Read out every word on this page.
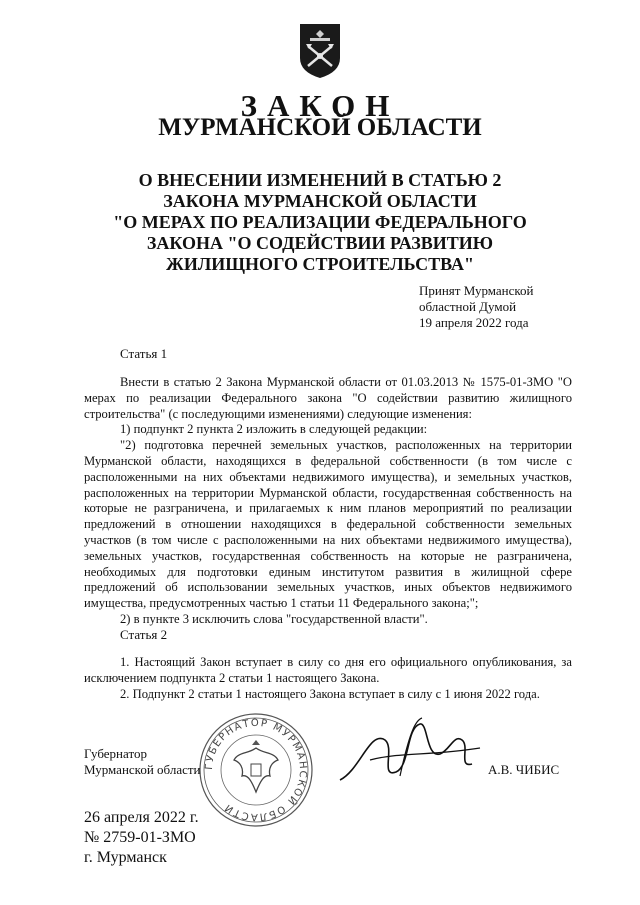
ЗАКОН
МУРМАНСКОЙ ОБЛАСТИ
О ВНЕСЕНИИ ИЗМЕНЕНИЙ В СТАТЬЮ 2
ЗАКОНА МУРМАНСКОЙ ОБЛАСТИ
"О МЕРАХ ПО РЕАЛИЗАЦИИ ФЕДЕРАЛЬНОГО
ЗАКОНА "О СОДЕЙСТВИИ РАЗВИТИЮ
ЖИЛИЩНОГО СТРОИТЕЛЬСТВА"
Принят Мурманской
областной Думой
19 апреля 2022 года
Статья 1
Внести в статью 2 Закона Мурманской области от 01.03.2013 № 1575-01-ЗМО "О мерах по реализации Федерального закона "О содействии развитию жилищного строительства" (с последующими изменениями) следующие изменения:
1) подпункт 2 пункта 2 изложить в следующей редакции:
"2) подготовка перечней земельных участков, расположенных на территории Мурманской области, находящихся в федеральной собственности (в том числе с расположенными на них объектами недвижимого имущества), и земельных участков, расположенных на территории Мурманской области, государственная собственность на которые не разграничена, и прилагаемых к ним планов мероприятий по реализации предложений в отношении находящихся в федеральной собственности земельных участков (в том числе с расположенными на них объектами недвижимого имущества), земельных участков, государственная собственность на которые не разграничена, необходимых для подготовки единым институтом развития в жилищной сфере предложений об использовании земельных участков, иных объектов недвижимого имущества, предусмотренных частью 1 статьи 11 Федерального закона;";
2) в пункте 3 исключить слова "государственной власти".
Статья 2
1. Настоящий Закон вступает в силу со дня его официального опубликования, за исключением подпункта 2 статьи 1 настоящего Закона.
2. Подпункт 2 статьи 1 настоящего Закона вступает в силу с 1 июня 2022 года.
ГУБЕРНАТОР МУРМАНСКОЙ ОБЛАСТИ
Губернатор
Мурманской области	А.В. ЧИБИС
26 апреля 2022 г.
№ 2759-01-ЗМО
г. Мурманск
